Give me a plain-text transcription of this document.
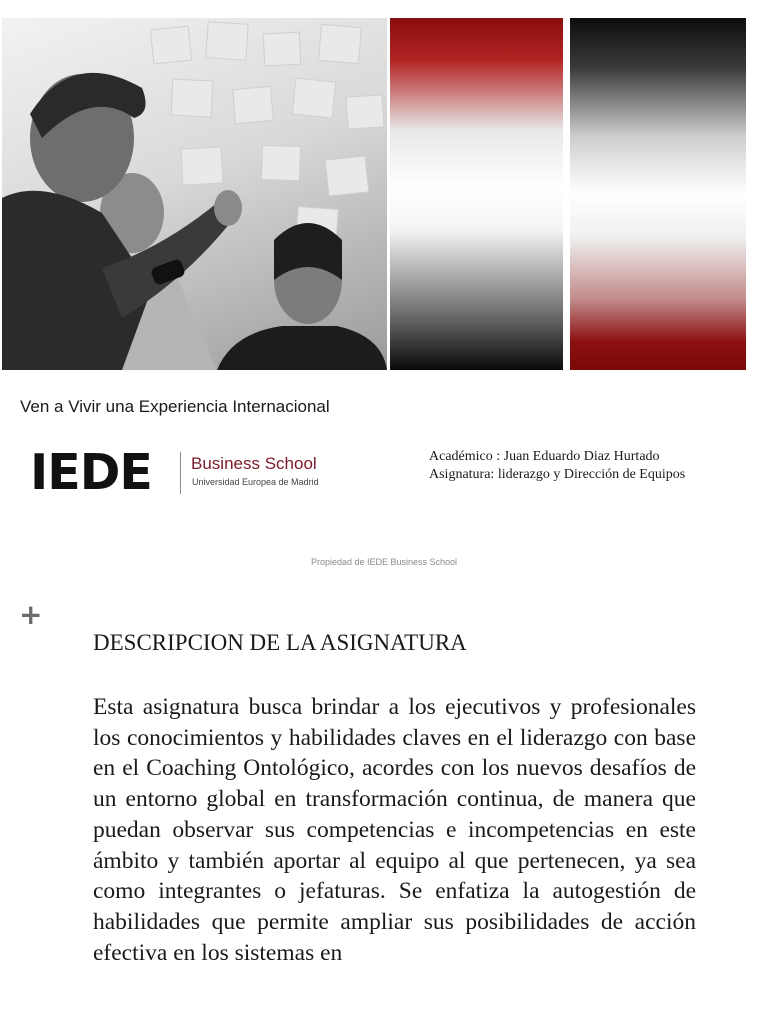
Ven a Vivir una Experiencia Internacional
IEDE Business School
Universidad Europea de Madrid
Académico : Juan Eduardo Diaz Hurtado
Asignatura: liderazgo y Dirección de Equipos
Propiedad de IEDE Business School
+
DESCRIPCION DE LA ASIGNATURA
Esta asignatura busca brindar a los ejecutivos y profesionales los conocimientos y habilidades claves en el liderazgo con base en el Coaching Ontológico, acordes con los nuevos desafíos de un entorno global en transformación continua, de manera que puedan observar sus competencias e incompetencias en este ámbito y también aportar al equipo al que pertenecen, ya sea como integrantes o jefaturas. Se enfatiza la autogestión de habilidades que permite ampliar sus posibilidades de acción efectiva en los sistemas en
